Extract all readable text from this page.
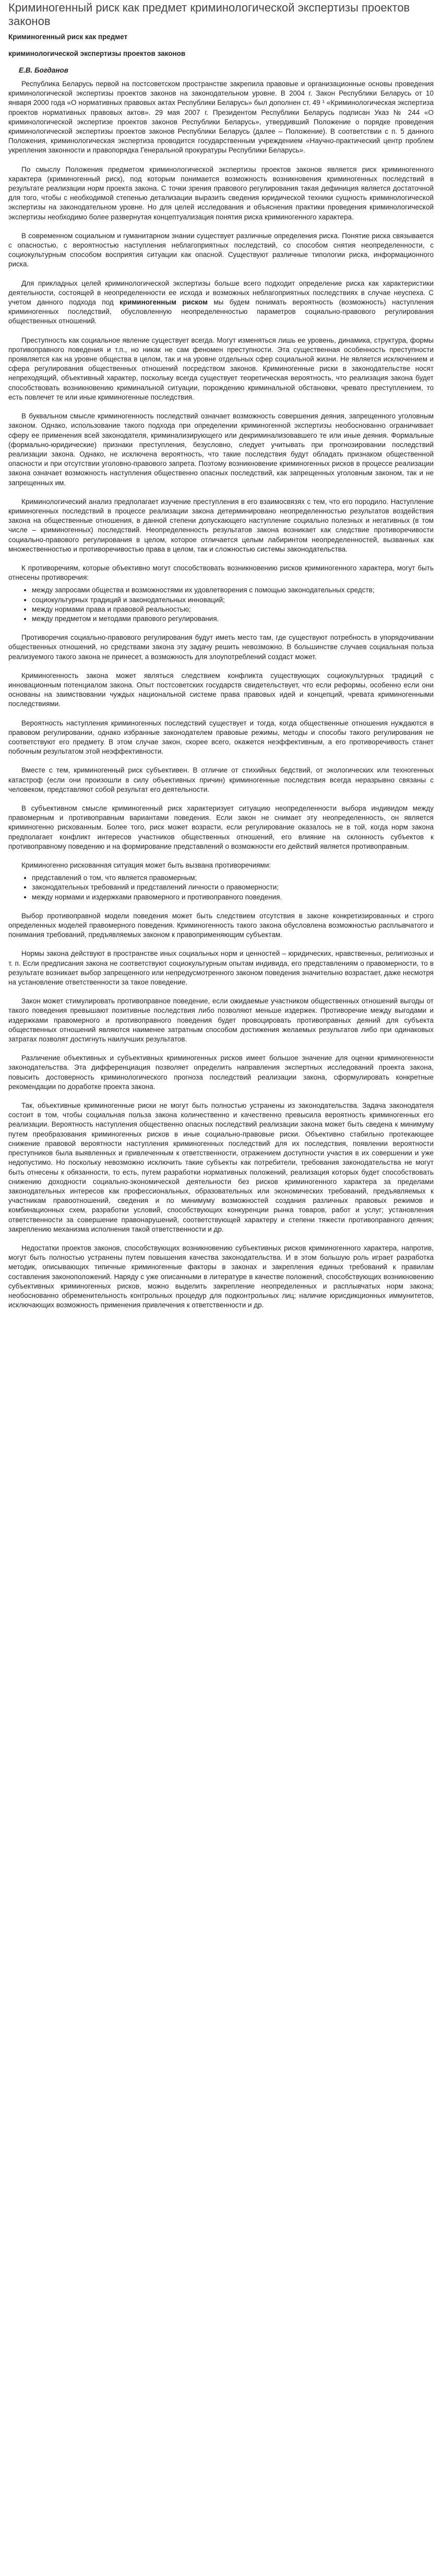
Криминогенный риск как предмет криминологической экспертизы проектов законов
Криминогенный риск как предмет
криминологической экспертизы проектов законов
Е.В. Богданов

Республика Беларусь первой на постсоветском пространстве закрепила правовые и организационные основы проведения криминологической экспертизы проектов законов на законодательном уровне. В 2004 г. Закон Республики Беларусь от 10 января 2000 года «О нормативных правовых актах Республики Беларусь» был дополнен ст. 49 ¹ «Криминологическая экспертиза проектов нормативных правовых актов». 29 мая 2007 г. Президентом Республики Беларусь подписан Указ № 244 «О криминологической экспертизе проектов законов Республики Беларусь», утвердивший Положение о порядке проведения криминологической экспертизы проектов законов Республики Беларусь (далее – Положение). В соответствии с п. 5 данного Положения, криминологическая экспертиза проводится государственным учреждением «Научно-практический центр проблем укрепления законности и правопорядка Генеральной прокуратуры Республики Беларусь».

По смыслу Положения предметом криминологической экспертизы проектов законов является риск криминогенного характера (криминогенный риск), под которым понимается возможность возникновения криминогенных последствий в результате реализации норм проекта закона. С точки зрения правового регулирования такая дефиниция является достаточной для того, чтобы с необходимой степенью детализации выразить сведения юридической техники сущность криминологической экспертизы на законодательном уровне. Но для целей исследования и объяснения практики проведения криминологической экспертизы необходимо более развернутая концептуализация понятия риска криминогенного характера.

В современном социальном и гуманитарном знании существует различные определения риска. Понятие риска связывается с опасностью, с вероятностью наступления неблагоприятных последствий, со способом снятия неопределенности, с социокультурным способом восприятия ситуации как опасной. Существуют различные типологии риска, информационного риска.

Для прикладных целей криминологической экспертизы больше всего подходит определение риска как характеристики деятельности, состоящей в неопределенности ее исхода и возможных неблагоприятных последствиях в случае неуспеха. С учетом данного подхода под криминогенным риском мы будем понимать вероятность (возможность) наступления криминогенных последствий, обусловленную неопределенностью параметров социально-правового регулирования общественных отношений.

Преступность как социальное явление существует всегда. Могут изменяться лишь ее уровень, динамика, структура, формы противоправного поведения и т.п., но никак не сам феномен преступности. Эта существенная особенность преступности проявляется как на уровне общества в целом, так и на уровне отдельных сфер социальной жизни. Не является исключением и сфера регулирования общественных отношений посредством законов. Криминогенные риски в законодательстве носят непреходящий, объективный характер, поскольку всегда существует теоретическая вероятность, что реализация закона будет способствовать возникновению криминальной ситуации, порождению криминальной обстановки, чревато преступлением, то есть повлечет те или иные криминогенные последствия.

В буквальном смысле криминогенность последствий означает возможность совершения деяния, запрещенного уголовным законом. Однако, использование такого подхода при определении криминогенной экспертизы необоснованно ограничивает сферу ее применения всей законодателя, криминализирующего или декриминализовавшего те или иные деяния. Формальные (формально-юридические) признаки преступления, безусловно, следует учитывать при прогнозировании последствий реализации закона. Однако, не исключена вероятность, что такие последствия будут обладать признаком общественной опасности и при отсутствии уголовно-правового запрета. Поэтому возникновение криминогенных рисков в процессе реализации закона означает возможность наступления общественно опасных последствий, как запрещенных уголовным законом, так и не запрещенных им.

Криминологический анализ предполагает изучение преступления в его взаимосвязях с тем, что его породило. Наступление криминогенных последствий в процессе реализации закона детерминировано неопределенностью результатов воздействия закона на общественные отношения, в данной степени допускающего наступление социально полезных и негативных (в том числе – криминогенных) последствий. Неопределенность результатов закона возникает как следствие противоречивости социально-правового регулирования в целом, которое отличается целым лабиринтом неопределенностей, вызванных как множественностью и противоречивостью права в целом, так и сложностью системы законодательства.

К противоречиям, которые объективно могут способствовать возникновению рисков криминогенного характера, могут быть отнесены противоречия:

• между запросами общества и возможностями их удовлетворения с помощью законодательных средств;
• социокультурных традиций и законодательных инноваций;
• между нормами права и правовой реальностью;
• между предметом и методами правового регулирования.

Противоречия социально-правового регулирования будут иметь место там, где существуют потребность в упорядочивании общественных отношений, но средствами закона эту задачу решить невозможно. В большинстве случаев социальная польза реализуемого такого закона не принесет, а возможность для злоупотреблений создаст может.

Криминогенность закона может являться следствием конфликта существующих социокультурных традиций с инновационным потенциалом закона. Опыт постсоветских государств свидетельствует, что если реформы, особенно если они основаны на заимствовании чуждых национальной системе права правовых идей и концепций, чревата криминогенными последствиями.

Вероятность наступления криминогенных последствий существует и тогда, когда общественные отношения нуждаются в правовом регулировании, однако избранные законодателем правовые режимы, методы и способы такого регулирования не соответствуют его предмету. В этом случае закон, скорее всего, окажется неэффективным, а его противоречивость станет побочным результатом этой неэффективности.

Вместе с тем, криминогенный риск субъективен. В отличие от стихийных бедствий, от экологических или техногенных катастроф (если они произошли в силу объективных причин) криминогенные последствия всегда неразрывно связаны с человеком, представляют собой результат его деятельности.

В субъективном смысле криминогенный риск характеризует ситуацию неопределенности выбора индивидом между правомерным и противоправным вариантами поведения. Если закон не снимает эту неопределенность, он является криминогенно рискованным. Более того, риск может возрасти, если регулирование оказалось не в той, когда норм закона предполагает конфликт интересов участников общественных отношений, его влияние на склонность субъектов к противоправному поведению и на формирование представлений о возможности его действий является противоправным.

Криминогенно рискованная ситуация может быть вызвана противоречиями:

• представлений о том, что является правомерным;
• законодательных требований и представлений личности о правомерности;
• между нормами и издержками правомерного и противоправного поведения.

Выбор противоправной модели поведения может быть следствием отсутствия в законе конкретизированных и строго определенных моделей правомерного поведения. Криминогенность такого закона обусловлена возможностью расплывчатого и понимания требований, предъявляемых законом к правоприменяющим субъектам.

Нормы закона действуют в пространстве иных социальных норм и ценностей – юридических, нравственных, религиозных и т. п. Если предписания закона не соответствуют социокультурным опытам индивида, его представлениям о правомерности, то в результате возникает выбор запрещенного или непредусмотренного законом поведения значительно возрастает, даже несмотря на установление ответственности за такое поведение.

Закон может стимулировать противоправное поведение, если ожидаемые участником общественных отношений выгоды от такого поведения превышают позитивные последствия либо позволяют меньше издержек. Противоречие между выгодами и издержками правомерного и противоправного поведения будет провоцировать противоправных деяний для субъекта общественных отношений являются наименее затратным способом достижения желаемых результатов либо при одинаковых затратах позволят достигнуть наилучших результатов.

Различение объективных и субъективных криминогенных рисков имеет большое значение для оценки криминогенности законодательства. Эта дифференциация позволяет определить направления экспертных исследований проекта закона, повысить достоверность криминологического прогноза последствий реализации закона, сформулировать конкретные рекомендации по доработке проекта закона.

Так, объективные криминогенные риски не могут быть полностью устранены из законодательства. Задача законодателя состоит в том, чтобы социальная польза закона количественно и качественно превысила вероятность криминогенных его реализации. Вероятность наступления общественно опасных последствий реализации закона может быть сведена к минимуму путем преобразования криминогенных рисков в иные социально-правовые риски. Объективно стабильно протекающее снижение правовой вероятности наступления криминогенных последствий для их последствия, появлении вероятности преступников была выявленных и привлеченным к ответственности, отражением доступности участия в их совершении и уже недопустимо. Но поскольку невозможно исключить такие субъекты как потребители, требования законодательства не могут быть отнесены к обязанности, то есть, путем разработки нормативных положений, реализация которых будет способствовать снижению доходности социально-экономической деятельности без рисков криминогенного характера за пределами законодательных интересов как профессиональных, образовательных или экономических требований, предъявляемых к участникам правоотношений, сведения и по минимуму возможностей создания различных правовых режимов и комбинационных схем, разработки условий, способствующих конкуренции рынка товаров, работ и услуг; установления ответственности за совершение правонарушений, соответствующей характеру и степени тяжести противоправного деяния; закреплению механизма исполнения такой ответственности и др.

Недостатки проектов законов, способствующих возникновению субъективных рисков криминогенного характера, напротив, могут быть полностью устранены путем повышения качества законодательства. И в этом большую роль играет разработка методик, описывающих типичные криминогенные факторы в законах и закрепления единых требований к правилам составления законоположений. Наряду с уже описанными в литературе в качестве положений, способствующих возникновению субъективных криминогенных рисков, можно выделить закрепление неопределенных и расплывчатых норм закона; необоснованно обременительность контрольных процедур для подконтрольных лиц; наличие юрисдикционных иммунитетов, исключающих возможность применения привлечения к ответственности и др.
